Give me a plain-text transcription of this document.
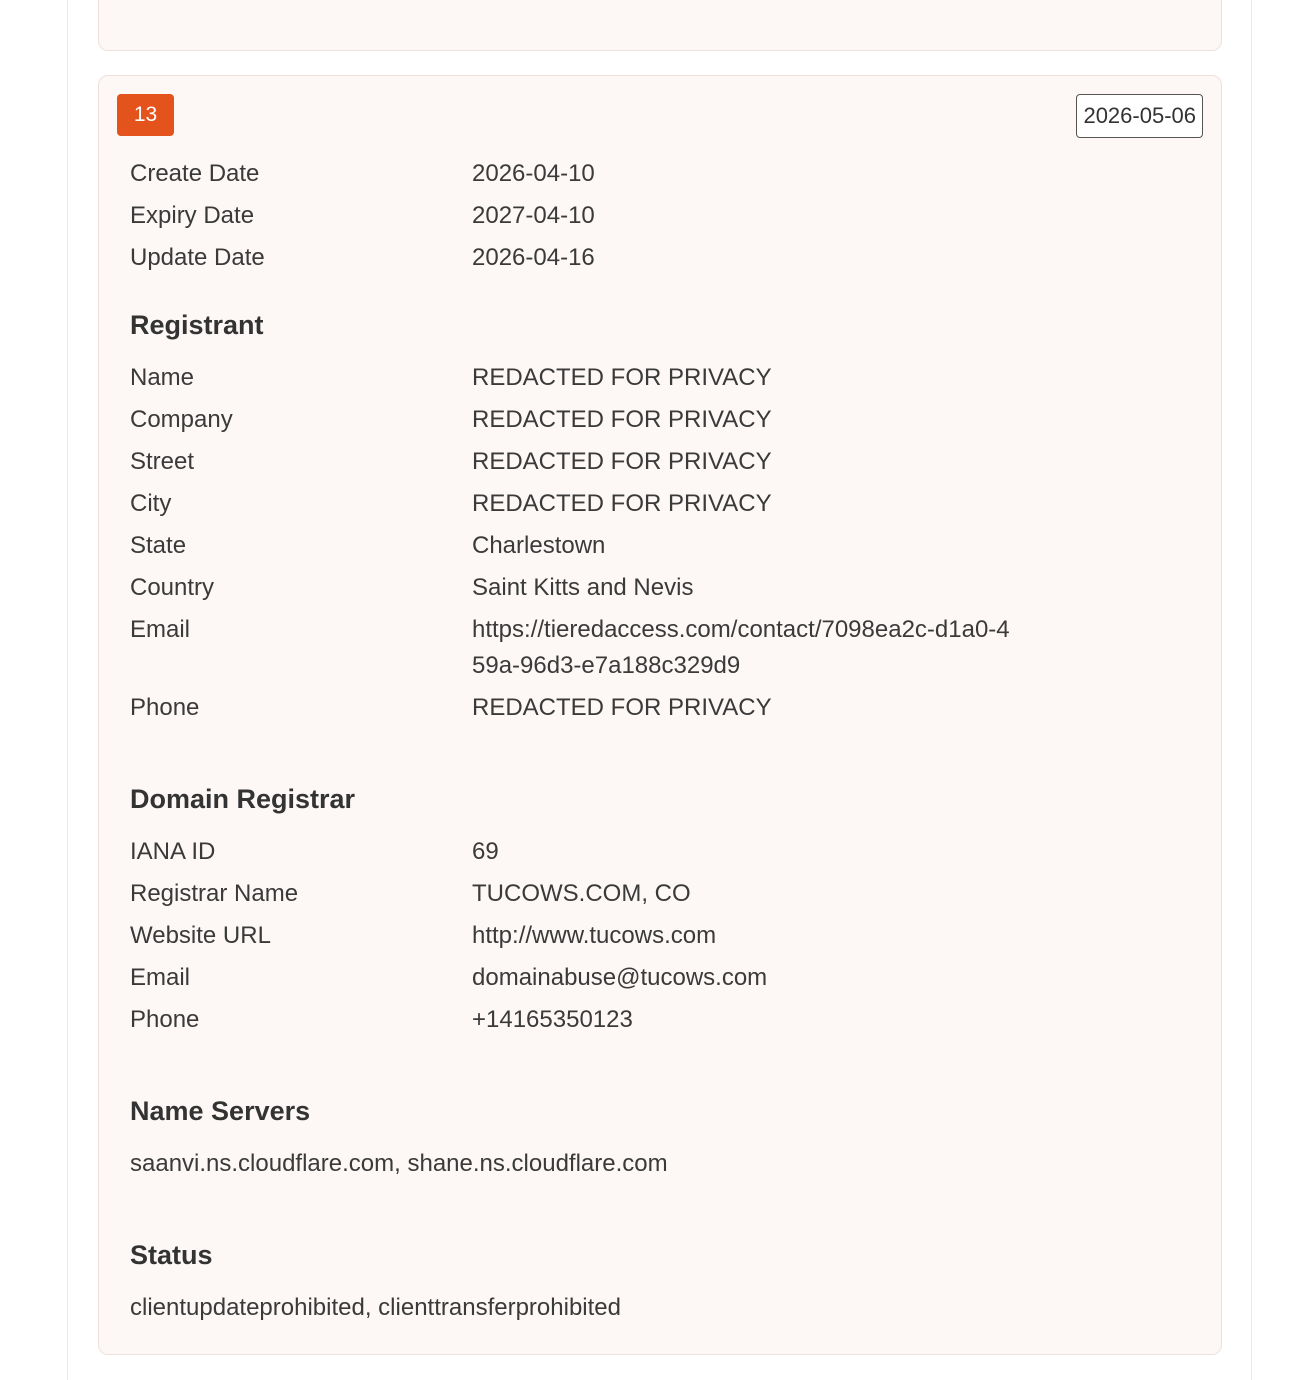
13	2026-05-06
Create Date	2026-04-10
Expiry Date	2027-04-10
Update Date	2026-04-16
Registrant
Name	REDACTED FOR PRIVACY
Company	REDACTED FOR PRIVACY
Street	REDACTED FOR PRIVACY
City	REDACTED FOR PRIVACY
State	Charlestown
Country	Saint Kitts and Nevis
Email	https://tieredaccess.com/contact/7098ea2c-d1a0-459a-96d3-e7a188c329d9
Phone	REDACTED FOR PRIVACY
Domain Registrar
IANA ID	69
Registrar Name	TUCOWS.COM, CO
Website URL	http://www.tucows.com
Email	domainabuse@tucows.com
Phone	+14165350123
Name Servers
saanvi.ns.cloudflare.com, shane.ns.cloudflare.com
Status
clientupdateprohibited, clienttransferprohibited
